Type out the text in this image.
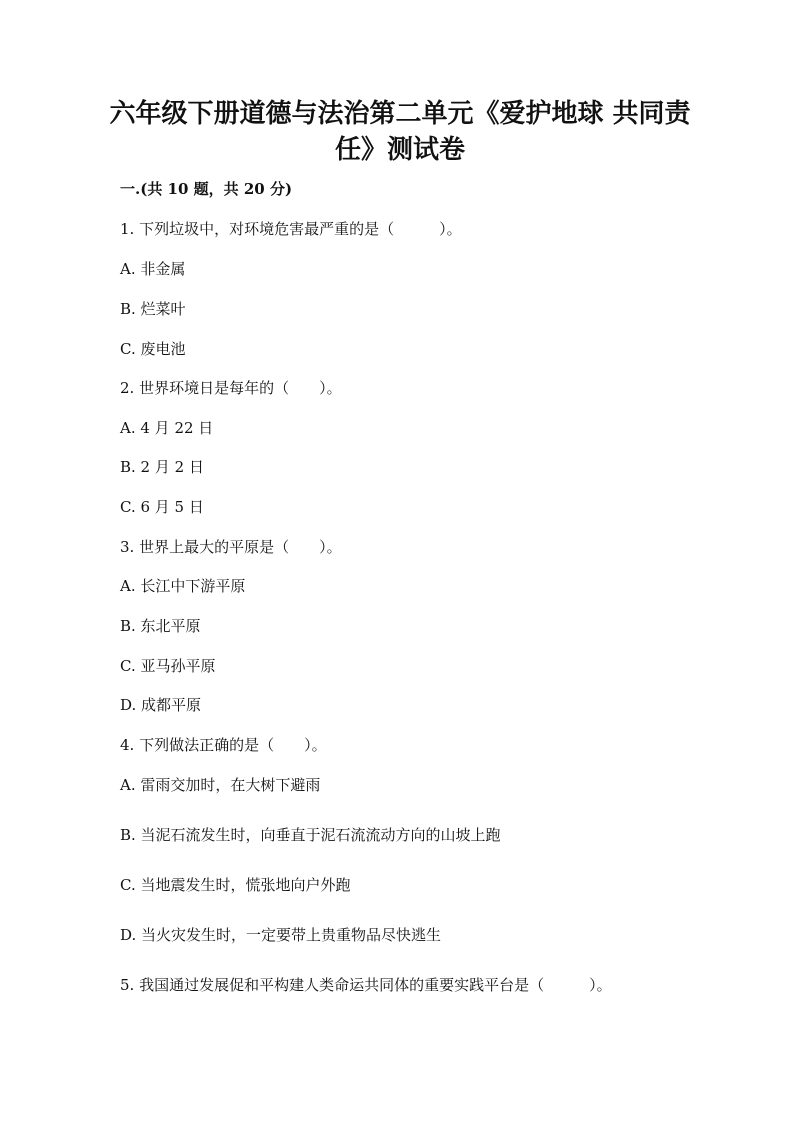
六年级下册道德与法治第二单元《爱护地球 共同责
任》测试卷

一.(共 10 题，共 20 分)

1. 下列垃圾中，对环境危害最严重的是（　　　）。

A. 非金属

B. 烂菜叶

C. 废电池

2. 世界环境日是每年的（　　）。

A. 4 月 22 日

B. 2 月 2 日

C. 6 月 5 日

3. 世界上最大的平原是（　　）。

A. 长江中下游平原

B. 东北平原

C. 亚马孙平原

D. 成都平原

4. 下列做法正确的是（　　）。

A. 雷雨交加时，在大树下避雨

B. 当泥石流发生时，向垂直于泥石流流动方向的山坡上跑

C. 当地震发生时，慌张地向户外跑

D. 当火灾发生时，一定要带上贵重物品尽快逃生

5. 我国通过发展促和平构建人类命运共同体的重要实践平台是（　　　）。
